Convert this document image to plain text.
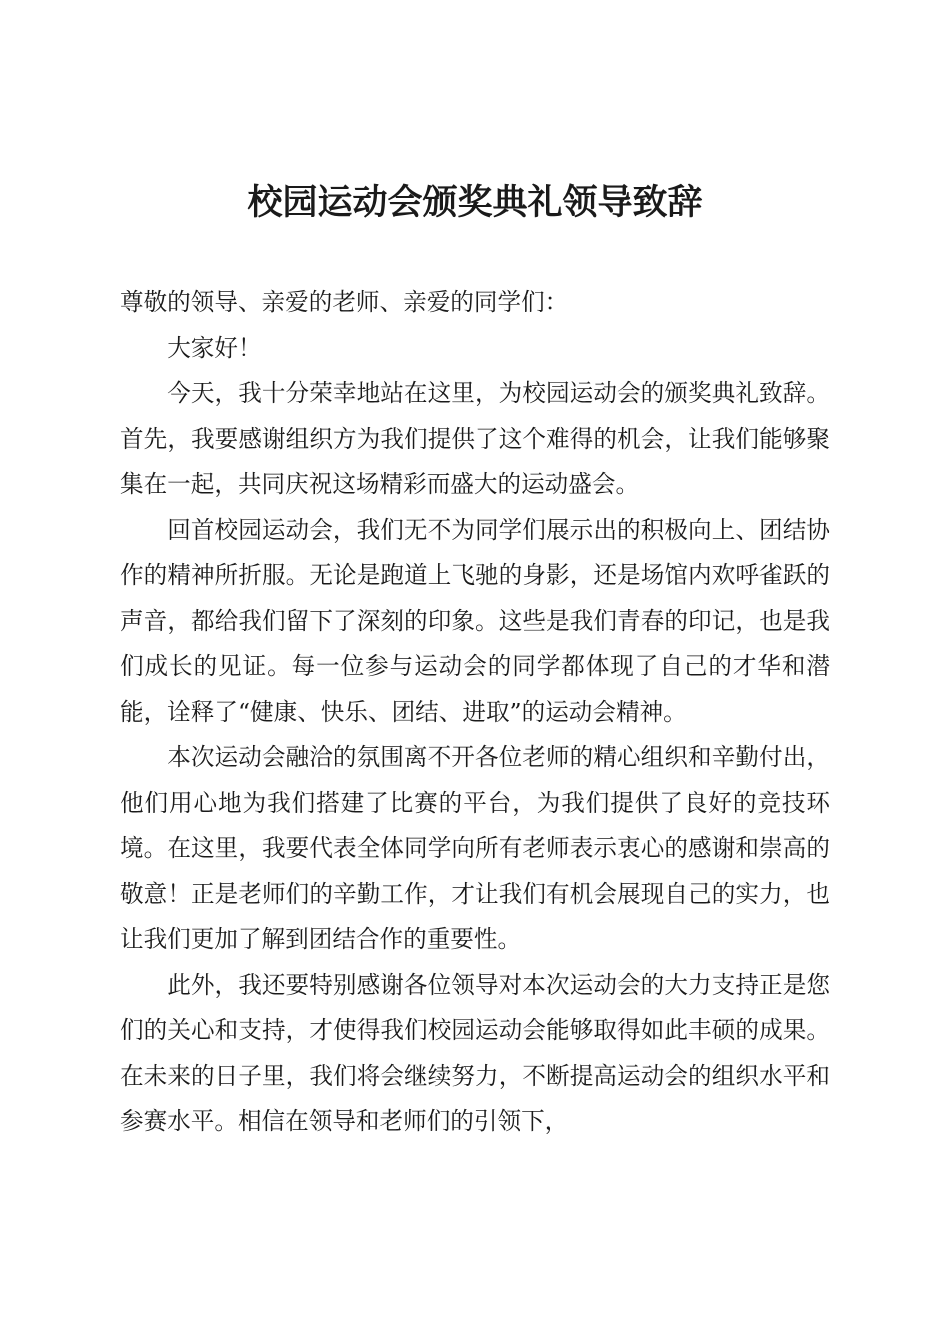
校园运动会颁奖典礼领导致辞

尊敬的领导、亲爱的老师、亲爱的同学们：

大家好！

今天，我十分荣幸地站在这里，为校园运动会的颁奖典礼致辞。首先，我要感谢组织方为我们提供了这个难得的机会，让我们能够聚集在一起，共同庆祝这场精彩而盛大的运动盛会。

回首校园运动会，我们无不为同学们展示出的积极向上、团结协作的精神所折服。无论是跑道上飞驰的身影，还是场馆内欢呼雀跃的声音，都给我们留下了深刻的印象。这些是我们青春的印记，也是我们成长的见证。每一位参与运动会的同学都体现了自己的才华和潜能，诠释了“健康、快乐、团结、进取”的运动会精神。

本次运动会融洽的氛围离不开各位老师的精心组织和辛勤付出，他们用心地为我们搭建了比赛的平台，为我们提供了良好的竞技环境。在这里，我要代表全体同学向所有老师表示衷心的感谢和崇高的敬意！正是老师们的辛勤工作，才让我们有机会展现自己的实力，也让我们更加了解到团结合作的重要性。

此外，我还要特别感谢各位领导对本次运动会的大力支持正是您们的关心和支持，才使得我们校园运动会能够取得如此丰硕的成果。在未来的日子里，我们将会继续努力，不断提高运动会的组织水平和参赛水平。相信在领导和老师们的引领下，
